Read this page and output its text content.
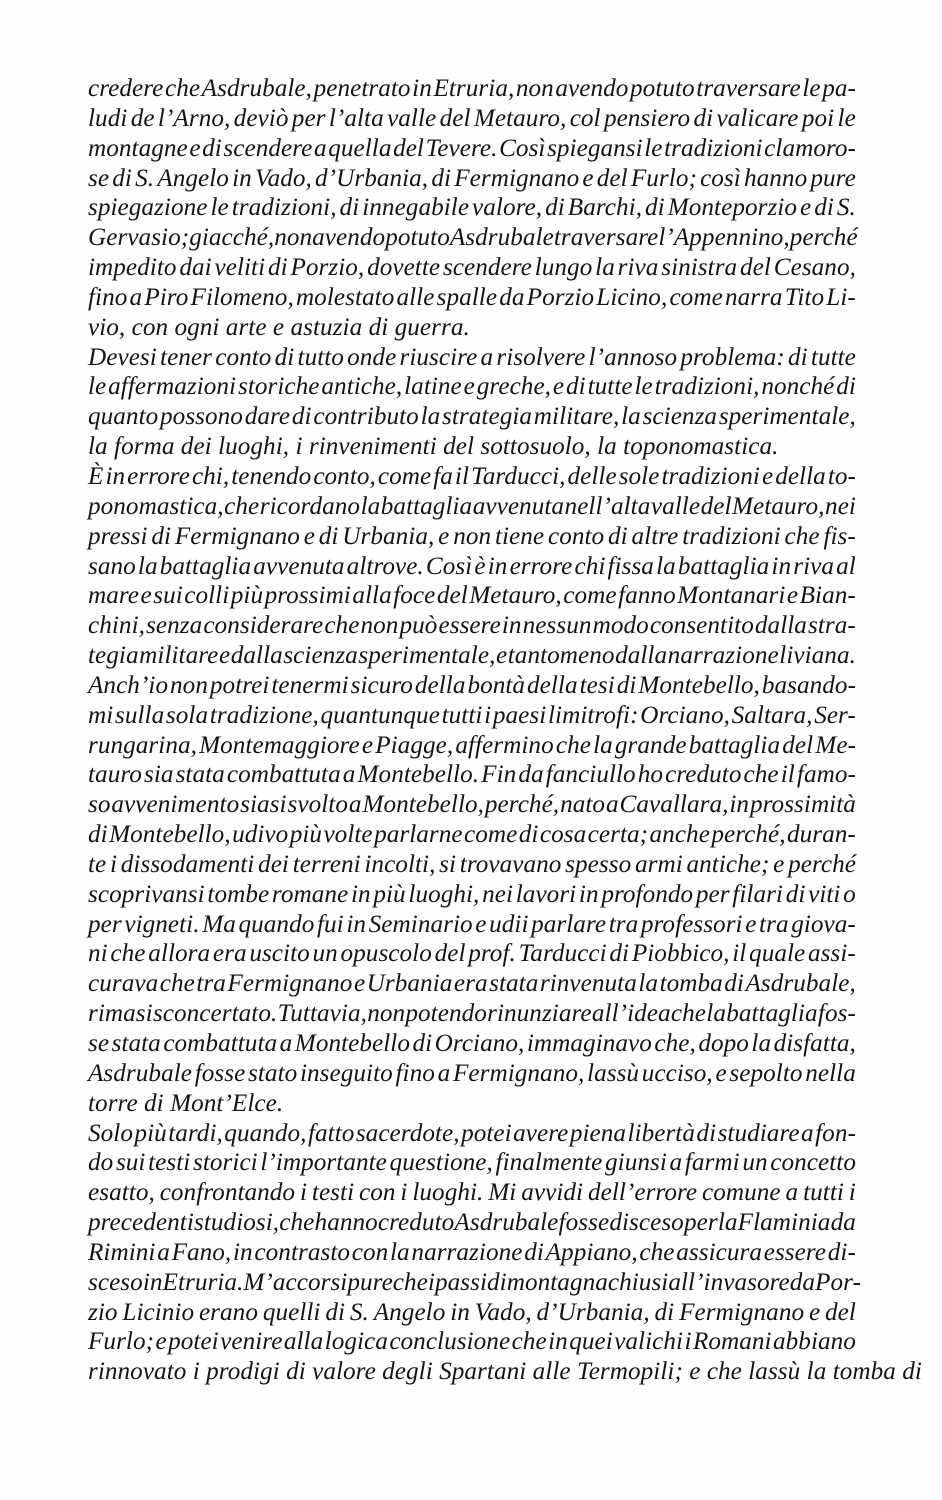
credere che Asdrubale, penetrato in Etruria, non avendo potuto traversare le pa-
ludi de l’Arno, deviò per l’alta valle del Metauro, col pensiero di valicare poi le
montagne e di scendere a quella del Tevere. Così spiegansi le tradizioni clamoro-
se di S. Angelo in Vado, d’Urbania, di Fermignano e del Furlo; così hanno pure
spiegazione le tradizioni, di innegabile valore, di Barchi, di Monteporzio e di S.
Gervasio; giacché, non avendo potuto Asdrubale traversare l’Appennino, perché
impedito dai veliti di Porzio, dovette scendere lungo la riva sinistra del Cesano,
fino a Piro Filomeno, molestato alle spalle da Porzio Licino, come narra Tito Li-
vio, con ogni arte e astuzia di guerra.
Devesi tener conto di tutto onde riuscire a risolvere l’annoso problema: di tutte
le affermazioni storiche antiche, latine e greche, e di tutte le tradizioni, nonché di
quanto possono dare di contributo la strategia militare, la scienza sperimentale,
la forma dei luoghi, i rinvenimenti del sottosuolo, la toponomastica.
È in errore chi, tenendo conto, come fa il Tarducci, delle sole tradizioni e della to-
ponomastica, che ricordano la battaglia avvenuta nell’alta valle del Metauro, nei
pressi di Fermignano e di Urbania, e non tiene conto di altre tradizioni che fis-
sano la battaglia avvenuta altrove. Così è in errore chi fissa la battaglia in riva al
mare e sui colli più prossimi alla foce del Metauro, come fanno Montanari e Bian-
chini, senza considerare che non può essere in nessun modo consentito dalla stra-
tegia militare e dalla scienza sperimentale, e tantomeno dalla narrazione liviana.
Anch’io non potrei tenermi sicuro della bontà della tesi di Montebello, basando-
mi sulla sola tradizione, quantunque tutti i paesi limitrofi: Orciano, Saltara, Ser-
rungarina, Montemaggiore e Piagge, affermino che la grande battaglia del Me-
tauro sia stata combattuta a Montebello. Fin da fanciullo ho creduto che il famo-
so avvenimento siasi svolto a Montebello, perché, nato a Cavallara, in prossimità
di Montebello, udivo più volte parlarne come di cosa certa; anche perché, duran-
te i dissodamenti dei terreni incolti, si trovavano spesso armi antiche; e perché
scoprivansi tombe romane in più luoghi, nei lavori in profondo per filari di viti o
per vigneti. Ma quando fui in Seminario e udii parlare tra professori e tra giova-
ni che allora era uscito un opuscolo del prof. Tarducci di Piobbico, il quale assi-
curava che tra Fermignano e Urbania era stata rinvenuta la tomba di Asdrubale,
rimasi sconcertato. Tuttavia, non potendo rinunziare all’idea che la battaglia fos-
se stata combattuta a Montebello di Orciano, immaginavo che, dopo la disfatta,
Asdrubale fosse stato inseguito fino a Fermignano, lassù ucciso, e sepolto nella
torre di Mont’Elce.
Solo più tardi, quando, fatto sacerdote, potei avere piena libertà di studiare a fon-
do sui testi storici l’importante questione, finalmente giunsi a farmi un concetto
esatto, confrontando i testi con i luoghi. Mi avvidi dell’errore comune a tutti i
precedenti studiosi, che hanno creduto Asdrubale fosse disceso per la Flaminia da
Rimini a Fano, in contrasto con la narrazione di Appiano, che assicura essere di-
sceso in Etruria. M’accorsi pure che i passi di montagna chiusi all’invasore da Por-
zio Licinio erano quelli di S. Angelo in Vado, d’Urbania, di Fermignano e del
Furlo; e potei venire alla logica conclusione che in quei valichi i Romani abbiano
rinnovato i prodigi di valore degli Spartani alle Termopili; e che lassù la tomba di
